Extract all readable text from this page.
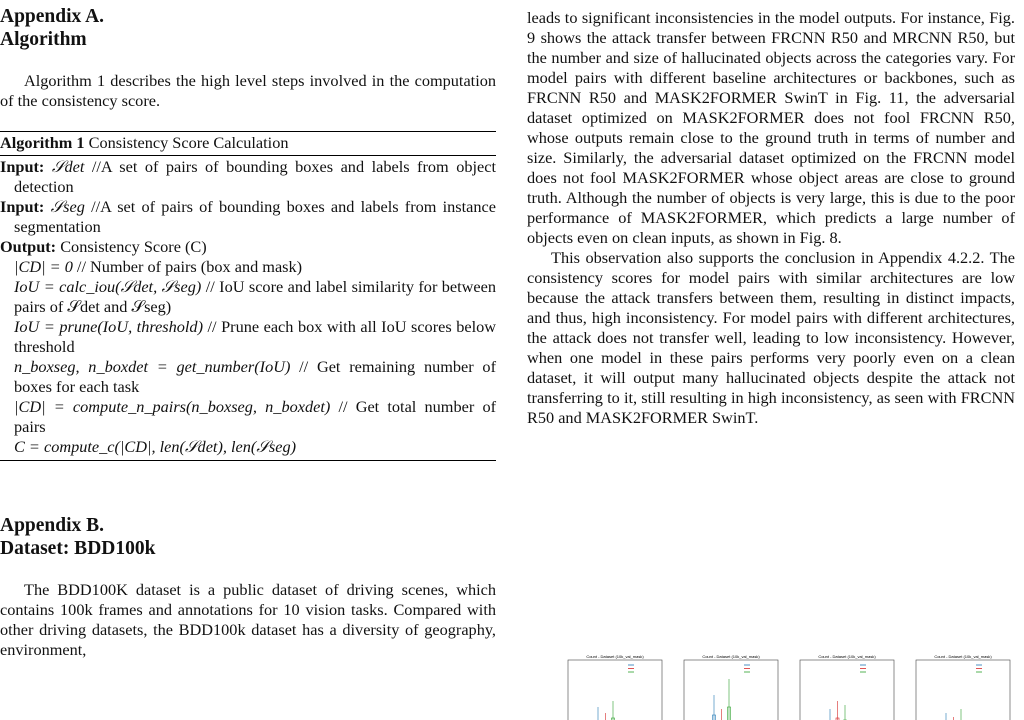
Appendix A.
Algorithm

Algorithm 1 describes the high level steps involved in the computation of the consistency score.

Algorithm 1 Consistency Score Calculation

Input: 𝒮det //A set of pairs of bounding boxes and labels from object detection

Input: 𝒮seg //A set of pairs of bounding boxes and labels from instance segmentation

Output: Consistency Score (C)

|CD| = 0 // Number of pairs (box and mask)

IoU = calc_iou(𝒮det, 𝒮seg) // IoU score and label similarity for between pairs of 𝒮det and 𝒮seg)

IoU = prune(IoU, threshold) // Prune each box with all IoU scores below threshold

n_boxseg, n_boxdet = get_number(IoU) // Get remaining number of boxes for each task

|CD| = compute_n_pairs(n_boxseg, n_boxdet) // Get total number of pairs

C = compute_c(|CD|, len(𝒮det), len(𝒮seg)

Appendix B.
Dataset: BDD100k

The BDD100K dataset is a public dataset of driving scenes, which contains 100k frames and annotations for 10 vision tasks. Compared with other driving datasets, the BDD100k dataset has a diversity of geography, environment,

leads to significant inconsistencies in the model outputs. For instance, Fig. 9 shows the attack transfer between FRCNN R50 and MRCNN R50, but the number and size of hallucinated objects across the categories vary. For model pairs with different baseline architectures or backbones, such as FRCNN R50 and MASK2FORMER SwinT in Fig. 11, the adversarial dataset optimized on MASK2FORMER does not fool FRCNN R50, whose outputs remain close to the ground truth in terms of number and size. Similarly, the adversarial dataset optimized on the FRCNN model does not fool MASK2FORMER whose object areas are close to ground truth. Although the number of objects is very large, this is due to the poor performance of MASK2FORMER, which predicts a large number of objects even on clean inputs, as shown in Fig. 8.

This observation also supports the conclusion in Appendix 4.2.2. The consistency scores for model pairs with similar architectures are low because the attack transfers between them, resulting in distinct impacts, and thus, high inconsistency. For model pairs with different architectures, the attack does not transfer well, leading to low inconsistency. However, when one model in these pairs performs very poorly even on a clean dataset, it will output many hallucinated objects despite the attack not transferring to it, still resulting in high inconsistency, as seen with FRCNN R50 and MASK2FORMER SwinT.

Count - Dataset (10k_val_mask)	Count - Dataset (10k_val_mask)	Count - Dataset (10k_val_mask)	Count - Dataset (10k_val_mask)
